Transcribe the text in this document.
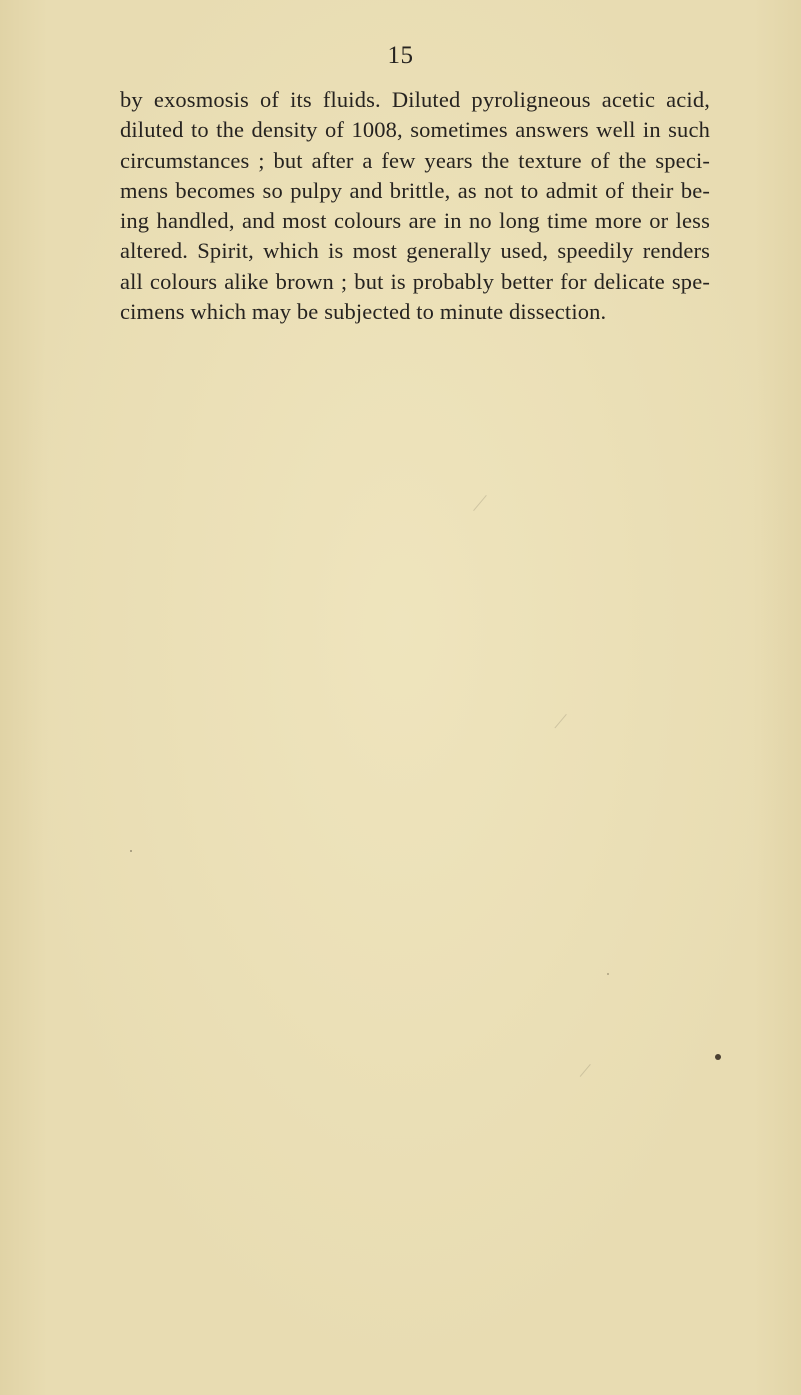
15
by exosmosis of its fluids. Diluted pyroligneous acetic acid,
diluted to the density of 1008, sometimes answers well in such
circumstances ; but after a few years the texture of the speci-
mens becomes so pulpy and brittle, as not to admit of their be-
ing handled, and most colours are in no long time more or less
altered. Spirit, which is most generally used, speedily renders
all colours alike brown ; but is probably better for delicate spe-
cimens which may be subjected to minute dissection.
